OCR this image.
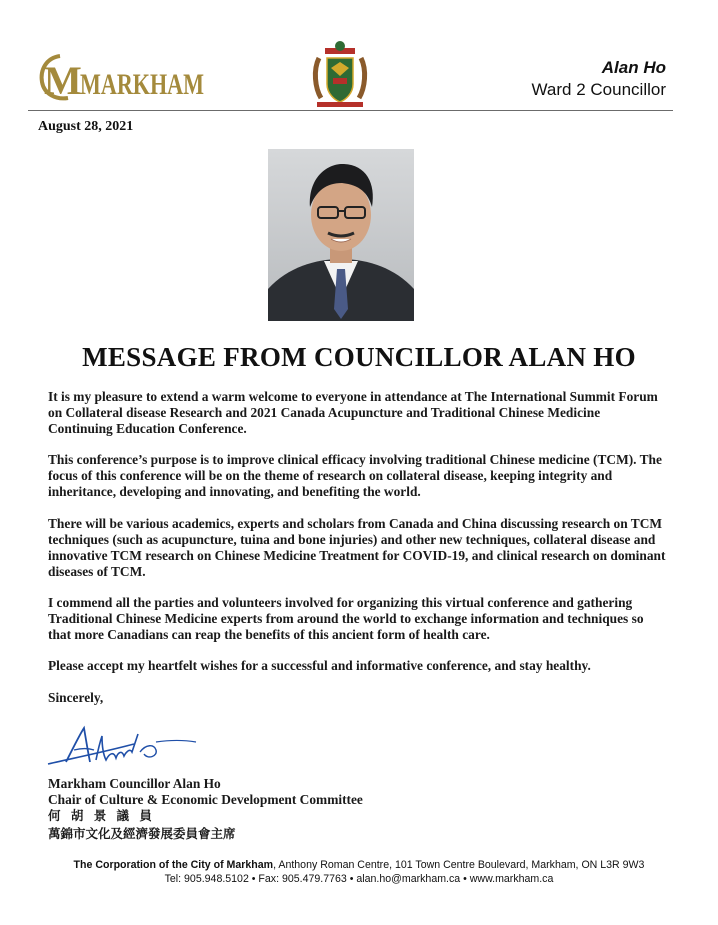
M
MARKHAM
Alan Ho
Ward 2 Councillor
August 28, 2021
MESSAGE FROM COUNCILLOR ALAN HO
It is my pleasure to extend a warm welcome to everyone in attendance at The International Summit Forum on Collateral disease Research and 2021 Canada Acupuncture and Traditional Chinese Medicine Continuing Education Conference.
This conference’s purpose is to improve clinical efficacy involving traditional Chinese medicine (TCM). The focus of this conference will be on the theme of research on collateral disease, keeping integrity and inheritance, developing and innovating, and benefiting the world.
There will be various academics, experts and scholars from Canada and China discussing research on TCM techniques (such as acupuncture, tuina and bone injuries) and other new techniques, collateral disease and innovative TCM research on Chinese Medicine Treatment for COVID-19, and clinical research on dominant diseases of TCM.
I commend all the parties and volunteers involved for organizing this virtual conference and gathering Traditional Chinese Medicine experts from around the world to exchange information and techniques so that more Canadians can reap the benefits of this ancient form of health care.
Please accept my heartfelt wishes for a successful and informative conference, and stay healthy.
Sincerely,
Markham Councillor Alan Ho
Chair of Culture & Economic Development Committee
何 胡 景 議 員
萬錦市文化及經濟發展委員會主席
The Corporation of the City of Markham, Anthony Roman Centre, 101 Town Centre Boulevard, Markham, ON L3R 9W3
Tel: 905.948.5102 • Fax: 905.479.7763 • alan.ho@markham.ca • www.markham.ca
